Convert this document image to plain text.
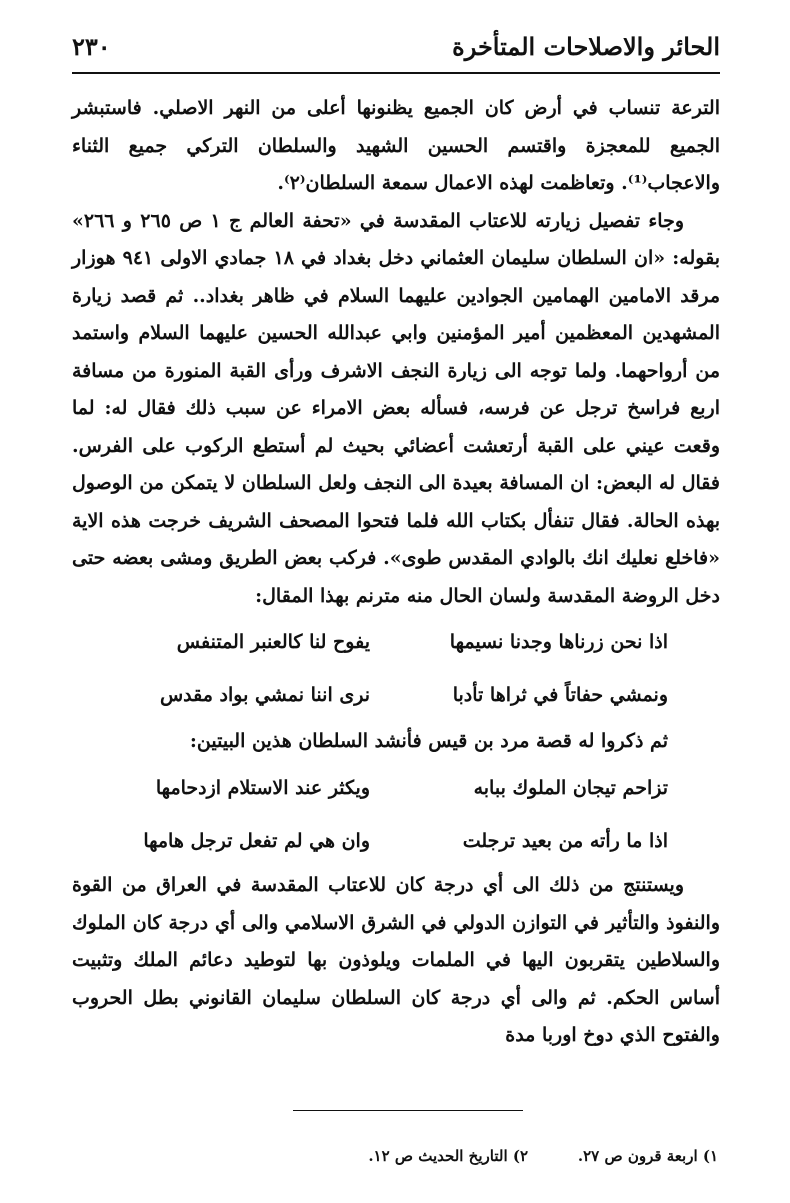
الحائر والاصلاحات المتأخرة
٢٣٠

الترعة تنساب في أرض كان الجميع يظنونها أعلى من النهر الاصلي. فاستبشر الجميع للمعجزة واقتسم الحسين الشهيد والسلطان التركي جميع الثناء والاعجاب⁽¹⁾. وتعاظمت لهذه الاعمال سمعة السلطان⁽٢⁾.

وجاء تفصيل زيارته للاعتاب المقدسة في «تحفة العالم ج ١ ص ٢٦٥ و ٢٦٦» بقوله: «ان السلطان سليمان العثماني دخل بغداد في ١٨ جمادي الاولى ٩٤١ هوزار مرقد الامامين الهمامين الجوادين عليهما السلام في ظاهر بغداد.. ثم قصد زيارة المشهدين المعظمين أمير المؤمنين وابي عبدالله الحسين عليهما السلام واستمد من أرواحهما. ولما توجه الى زيارة النجف الاشرف ورأى القبة المنورة من مسافة اربع فراسخ ترجل عن فرسه، فسأله بعض الامراء عن سبب ذلك فقال له: لما وقعت عيني على القبة أرتعشت أعضائي بحيث لم أستطع الركوب على الفرس. فقال له البعض: ان المسافة بعيدة الى النجف ولعل السلطان لا يتمكن من الوصول بهذه الحالة. فقال تنفأل بكتاب الله فلما فتحوا المصحف الشريف خرجت هذه الاية «فاخلع نعليك انك بالوادي المقدس طوى». فركب بعض الطريق ومشى بعضه حتى دخل الروضة المقدسة ولسان الحال منه مترنم بهذا المقال:

اذا نحن زرناها وجدنا نسيمها
يفوح لنا كالعنبر المتنفس
ونمشي حفاتاً في ثراها تأدبا
نرى اننا نمشي بواد مقدس
ثم ذكروا له قصة مرد بن قيس فأنشد السلطان هذين البيتين:
تزاحم تيجان الملوك ببابه
ويكثر عند الاستلام ازدحامها
اذا ما رأته من بعيد ترجلت
وان هي لم تفعل ترجل هامها

ويستنتج من ذلك الى أي درجة كان للاعتاب المقدسة في العراق من القوة والنفوذ والتأثير في التوازن الدولي في الشرق الاسلامي والى أي درجة كان الملوك والسلاطين يتقربون اليها في الملمات ويلوذون بها لتوطيد دعائم الملك وتثبيت أساس الحكم. ثم والى أي درجة كان السلطان سليمان القانوني بطل الحروب والفتوح الذي دوخ اوربا مدة

١) اربعة قرون ص ٢٧.
٢) التاريخ الحديث ص ١٢.
